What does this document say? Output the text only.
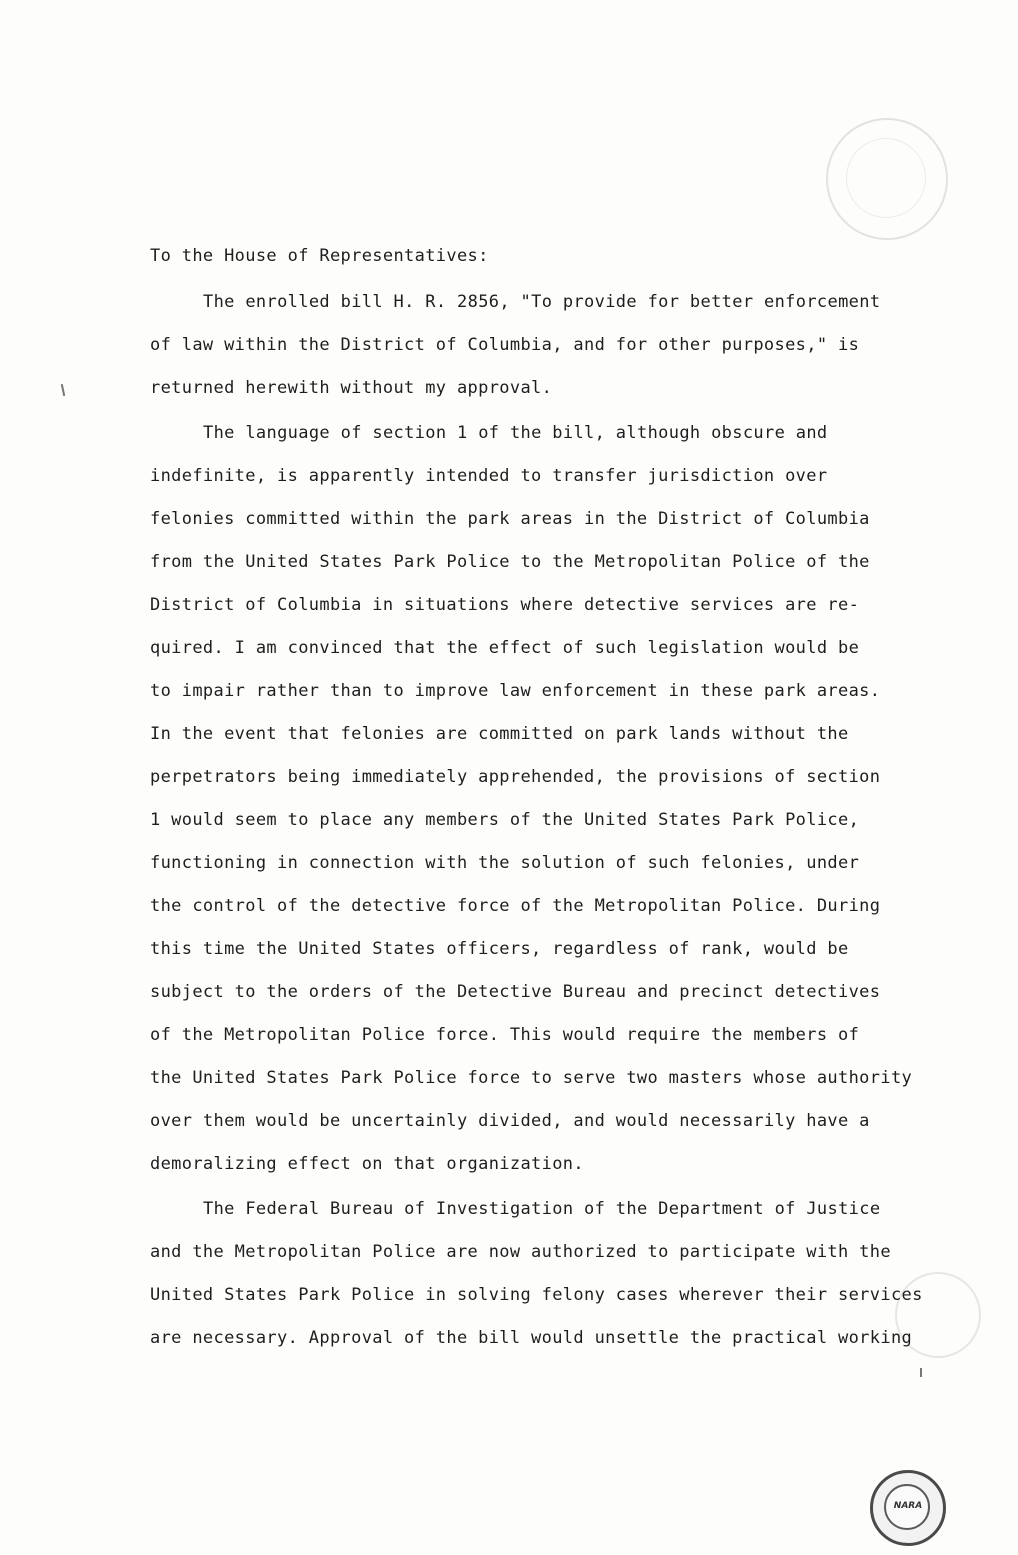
NARA
To the House of Representatives:
The enrolled bill H. R. 2856, "To provide for better enforcement
of law within the District of Columbia, and for other purposes," is
returned herewith without my approval.
The language of section 1 of the bill, although obscure and
indefinite, is apparently intended to transfer jurisdiction over
felonies committed within the park areas in the District of Columbia
from the United States Park Police to the Metropolitan Police of the
District of Columbia in situations where detective services are re-
quired. I am convinced that the effect of such legislation would be
to impair rather than to improve law enforcement in these park areas.
In the event that felonies are committed on park lands without the
perpetrators being immediately apprehended, the provisions of section
1 would seem to place any members of the United States Park Police,
functioning in connection with the solution of such felonies, under
the control of the detective force of the Metropolitan Police. During
this time the United States officers, regardless of rank, would be
subject to the orders of the Detective Bureau and precinct detectives
of the Metropolitan Police force. This would require the members of
the United States Park Police force to serve two masters whose authority
over them would be uncertainly divided, and would necessarily have a
demoralizing effect on that organization.
The Federal Bureau of Investigation of the Department of Justice
and the Metropolitan Police are now authorized to participate with the
United States Park Police in solving felony cases wherever their services
are necessary. Approval of the bill would unsettle the practical working
